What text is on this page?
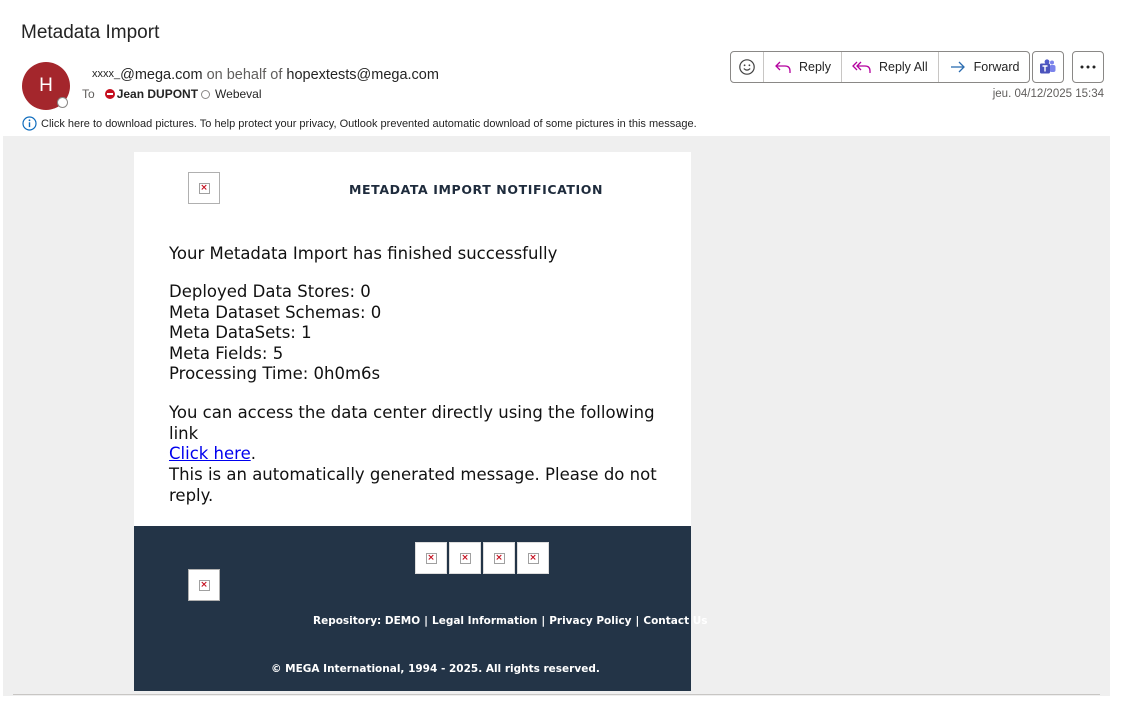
Metadata Import
H
xxxx_@mega.com on behalf of hopextests@mega.com
To Jean DUPONT Webeval
Reply	Reply All	Forward
jeu. 04/12/2025 15:34
Click here to download pictures. To help protect your privacy, Outlook prevented automatic download of some pictures in this message.
×	METADATA IMPORT NOTIFICATION
Your Metadata Import has finished successfully
Deployed Data Stores: 0
Meta Dataset Schemas: 0
Meta DataSets: 1
Meta Fields: 5
Processing Time: 0h0m6s
You can access the data center directly using the following link
Click here.
This is an automatically generated message. Please do not reply.
×	×	×	×
×
Repository: DEMO | Legal Information | Privacy Policy | Contact Us
© MEGA International, 1994 - 2025. All rights reserved.
